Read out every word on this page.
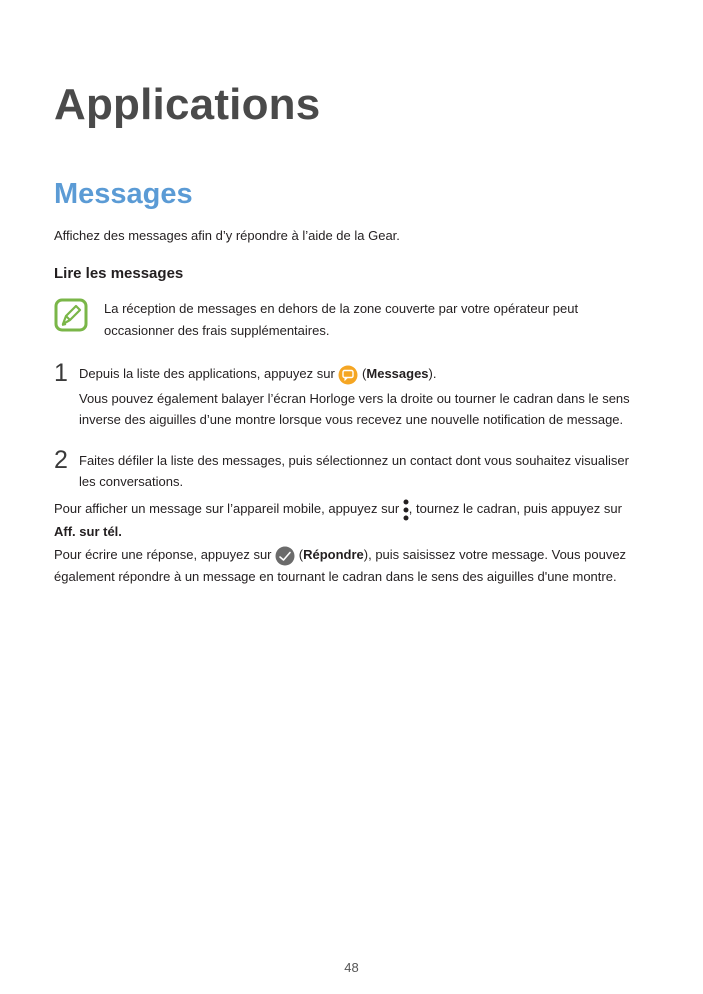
Applications
Messages

Affichez des messages afin d’y répondre à l’aide de la Gear.

Lire les messages

La réception de messages en dehors de la zone couverte par votre opérateur peut occasionner des frais supplémentaires.

1 Depuis la liste des applications, appuyez sur  (Messages).

Vous pouvez également balayer l’écran Horloge vers la droite ou tourner le cadran dans le sens inverse des aiguilles d’une montre lorsque vous recevez une nouvelle notification de message.

2 Faites défiler la liste des messages, puis sélectionnez un contact dont vous souhaitez visualiser les conversations.

Pour afficher un message sur l’appareil mobile, appuyez sur , tournez le cadran, puis appuyez sur
Aff. sur tél.

Pour écrire une réponse, appuyez sur  (Répondre), puis saisissez votre message. Vous pouvez également répondre à un message en tournant le cadran dans le sens des aiguilles d'une montre.

48
